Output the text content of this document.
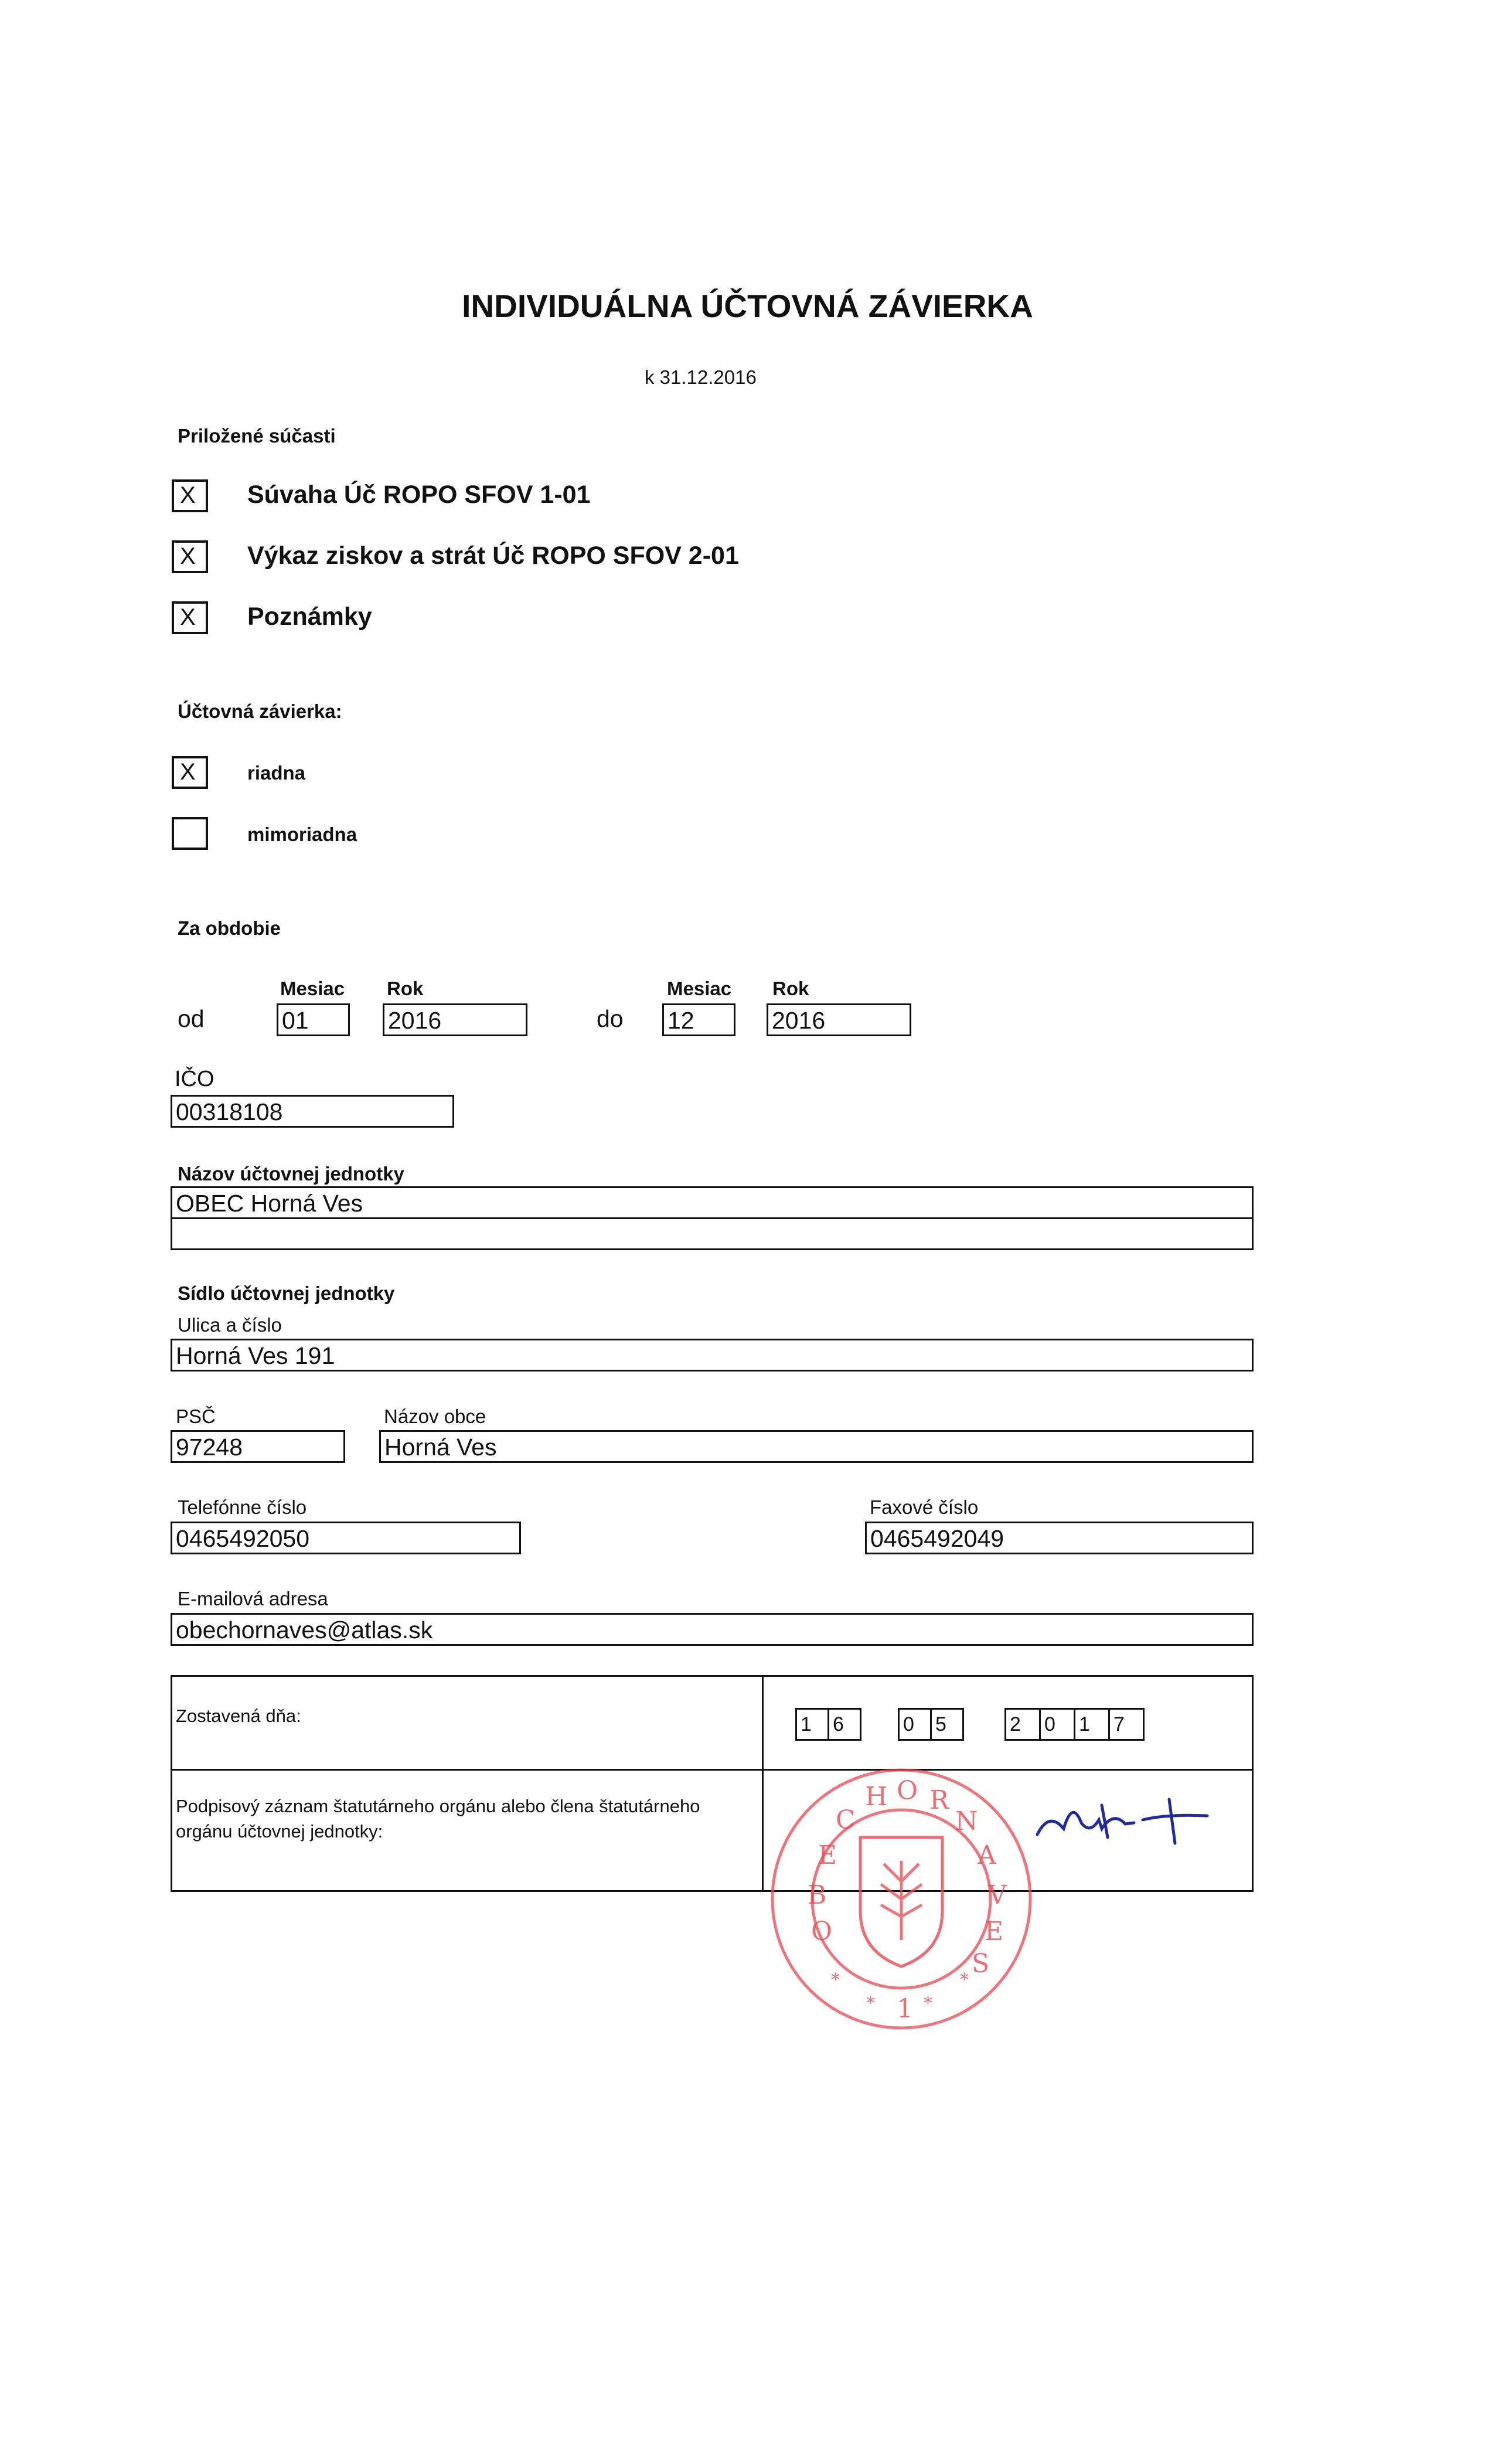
INDIVIDUÁLNA ÚČTOVNÁ ZÁVIERKA
k 31.12.2016
Priložené súčasti
X	Súvaha Úč ROPO SFOV 1-01
X	Výkaz ziskov a strát Úč ROPO SFOV 2-01
X	Poznámky
Účtovná závierka:
X	riadna
mimoriadna
Za obdobie
Mesiac Rok	Mesiac Rok
od	01	2016	do 12	2016
IČO
00318108
Názov účtovnej jednotky
OBEC Horná Ves
Sídlo účtovnej jednotky
Ulica a číslo
Horná Ves 191
PSČ	Názov obce
97248	Horná Ves
Telefónne číslo
0465492050
Faxové číslo
0465492049
E-mailová adresa
obechornaves@atlas.sk
Zostavená dňa:	1	6	0	5	2	0	1	7
Podpisový záznam štatutárneho orgánu alebo člena štatutárneho orgánu účtovnej jednotky:
O R
H
N
C
A
E
V
B
E
O
S
1
*	*
*	*
